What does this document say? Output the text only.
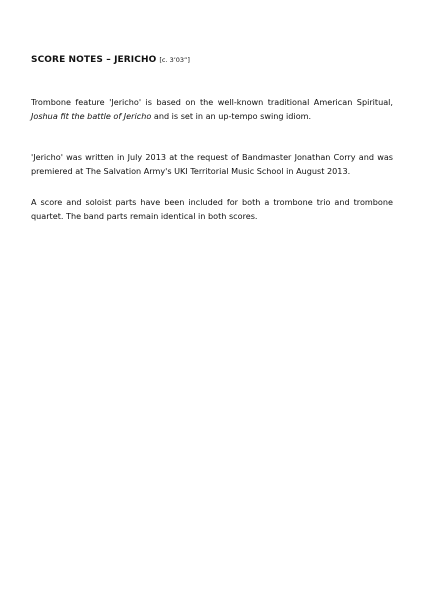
SCORE NOTES – JERICHO [c. 3’03”]

Trombone feature 'Jericho' is based on the well-known traditional American Spiritual, Joshua fit the battle of Jericho and is set in an up-tempo swing idiom.

'Jericho' was written in July 2013 at the request of Bandmaster Jonathan Corry and was premiered at The Salvation Army's UKI Territorial Music School in August 2013.

A score and soloist parts have been included for both a trombone trio and trombone quartet. The band parts remain identical in both scores.
